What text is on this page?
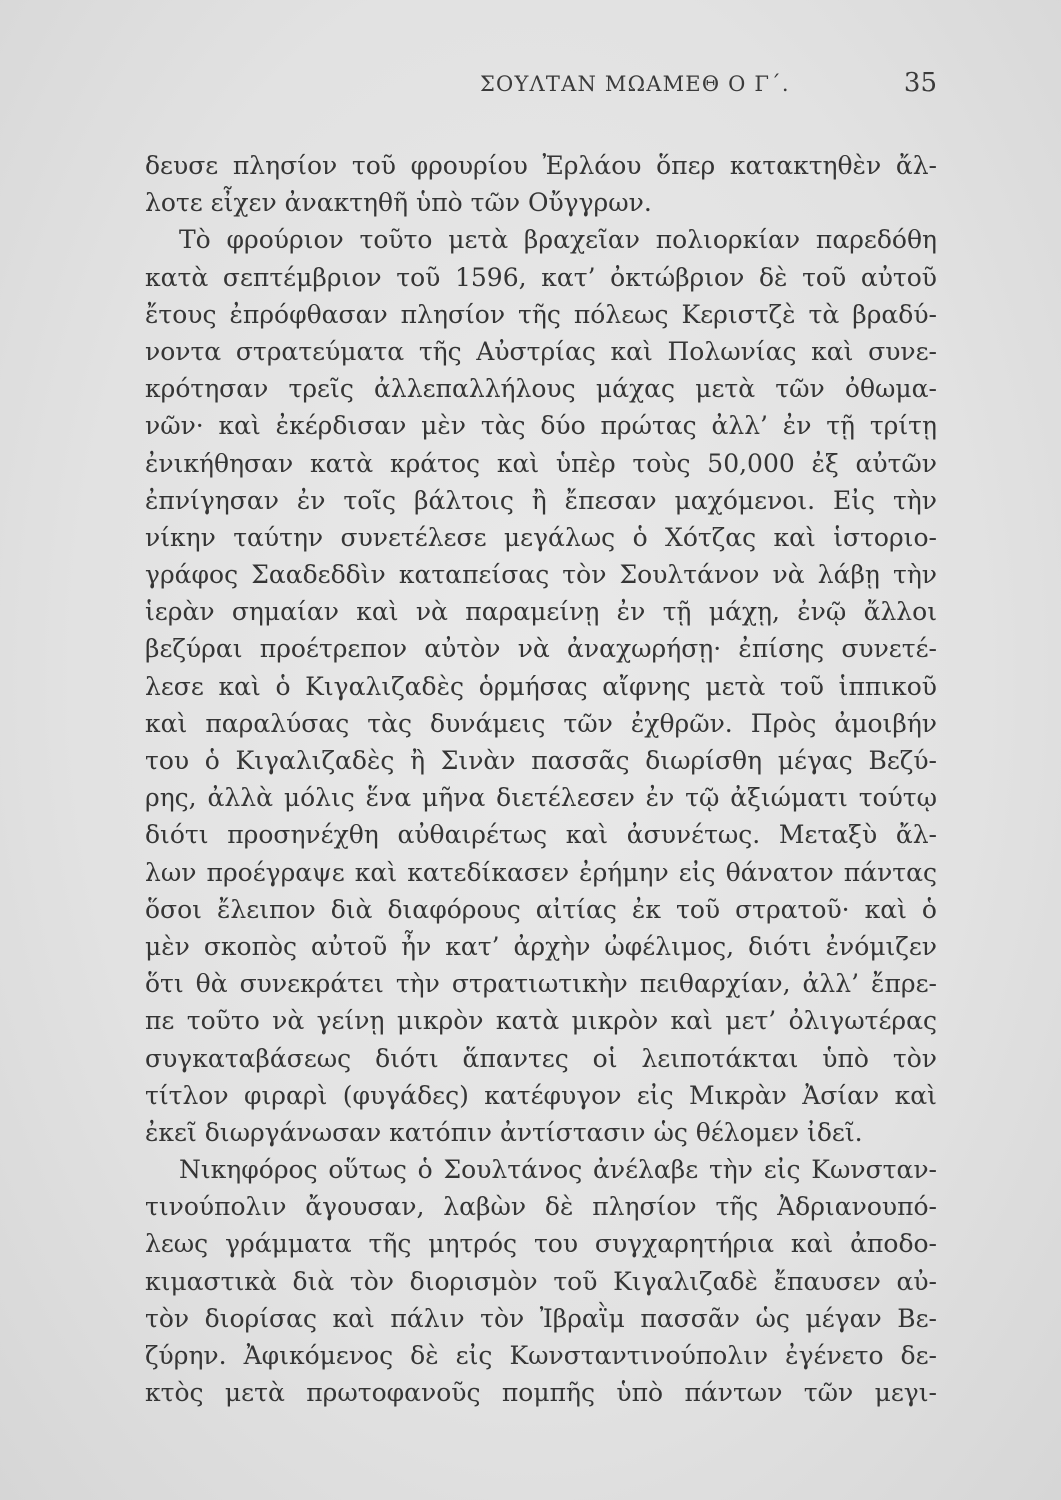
ΣΟΥΛΤΑΝ ΜΩΑΜΕΘ Ο Γ΄.	35
δευσε πλησίον τοῦ φρουρίου Ἐρλάου ὅπερ κατακτηθὲν ἄλ-
λοτε εἶχεν ἀνακτηθῆ ὑπὸ τῶν Οὔγγρων.
Τὸ φρούριον τοῦτο μετὰ βραχεῖαν πολιορκίαν παρεδόθη
κατὰ σεπτέμβριον τοῦ 1596, κατ’ ὀκτώβριον δὲ τοῦ αὐτοῦ
ἔτους ἐπρόφθασαν πλησίον τῆς πόλεως Κεριστζὲ τὰ βραδύ-
νοντα στρατεύματα τῆς Αὐστρίας καὶ Πολωνίας καὶ συνε-
κρότησαν τρεῖς ἀλλεπαλλήλους μάχας μετὰ τῶν ὀθωμα-
νῶν· καὶ ἐκέρδισαν μὲν τὰς δύο πρώτας ἀλλ’ ἐν τῇ τρίτῃ
ἐνικήθησαν κατὰ κράτος καὶ ὑπὲρ τοὺς 50,000 ἐξ αὐτῶν
ἐπνίγησαν ἐν τοῖς βάλτοις ἢ ἔπεσαν μαχόμενοι. Εἰς τὴν
νίκην ταύτην συνετέλεσε μεγάλως ὁ Χότζας καὶ ἱστοριο-
γράφος Σααδεδδὶν καταπείσας τὸν Σουλτάνον νὰ λάβῃ τὴν
ἱερὰν σημαίαν καὶ νὰ παραμείνῃ ἐν τῇ μάχῃ, ἐνῷ ἄλλοι
βεζύραι προέτρεπον αὐτὸν νὰ ἀναχωρήσῃ· ἐπίσης συνετέ-
λεσε καὶ ὁ Κιγαλιζαδὲς ὁρμήσας αἴφνης μετὰ τοῦ ἱππικοῦ
καὶ παραλύσας τὰς δυνάμεις τῶν ἐχθρῶν. Πρὸς ἀμοιβήν
του ὁ Κιγαλιζαδὲς ἢ Σινὰν πασσᾶς διωρίσθη μέγας Βεζύ-
ρης, ἀλλὰ μόλις ἕνα μῆνα διετέλεσεν ἐν τῷ ἀξιώματι τούτῳ
διότι προσηνέχθη αὐθαιρέτως καὶ ἀσυνέτως. Μεταξὺ ἄλ-
λων προέγραψε καὶ κατεδίκασεν ἐρήμην εἰς θάνατον πάντας
ὅσοι ἔλειπον διὰ διαφόρους αἰτίας ἐκ τοῦ στρατοῦ· καὶ ὁ
μὲν σκοπὸς αὐτοῦ ἦν κατ’ ἀρχὴν ὠφέλιμος, διότι ἐνόμιζεν
ὅτι θὰ συνεκράτει τὴν στρατιωτικὴν πειθαρχίαν, ἀλλ’ ἔπρε-
πε τοῦτο νὰ γείνῃ μικρὸν κατὰ μικρὸν καὶ μετ’ ὀλιγωτέρας
συγκαταβάσεως διότι ἅπαντες οἱ λειποτάκται ὑπὸ τὸν
τίτλον φιραρὶ (φυγάδες) κατέφυγον εἰς Μικρὰν Ἀσίαν καὶ
ἐκεῖ διωργάνωσαν κατόπιν ἀντίστασιν ὡς θέλομεν ἰδεῖ.
Νικηφόρος οὕτως ὁ Σουλτάνος ἀνέλαβε τὴν εἰς Κωνσταν-
τινούπολιν ἄγουσαν, λαβὼν δὲ πλησίον τῆς Ἀδριανουπό-
λεως γράμματα τῆς μητρός του συγχαρητήρια καὶ ἀποδο-
κιμαστικὰ διὰ τὸν διορισμὸν τοῦ Κιγαλιζαδὲ ἔπαυσεν αὐ-
τὸν διορίσας καὶ πάλιν τὸν Ἰβραῒμ πασσᾶν ὡς μέγαν Βε-
ζύρην. Ἀφικόμενος δὲ εἰς Κωνσταντινούπολιν ἐγένετο δε-
κτὸς μετὰ πρωτοφανοῦς πομπῆς ὑπὸ πάντων τῶν μεγι-
